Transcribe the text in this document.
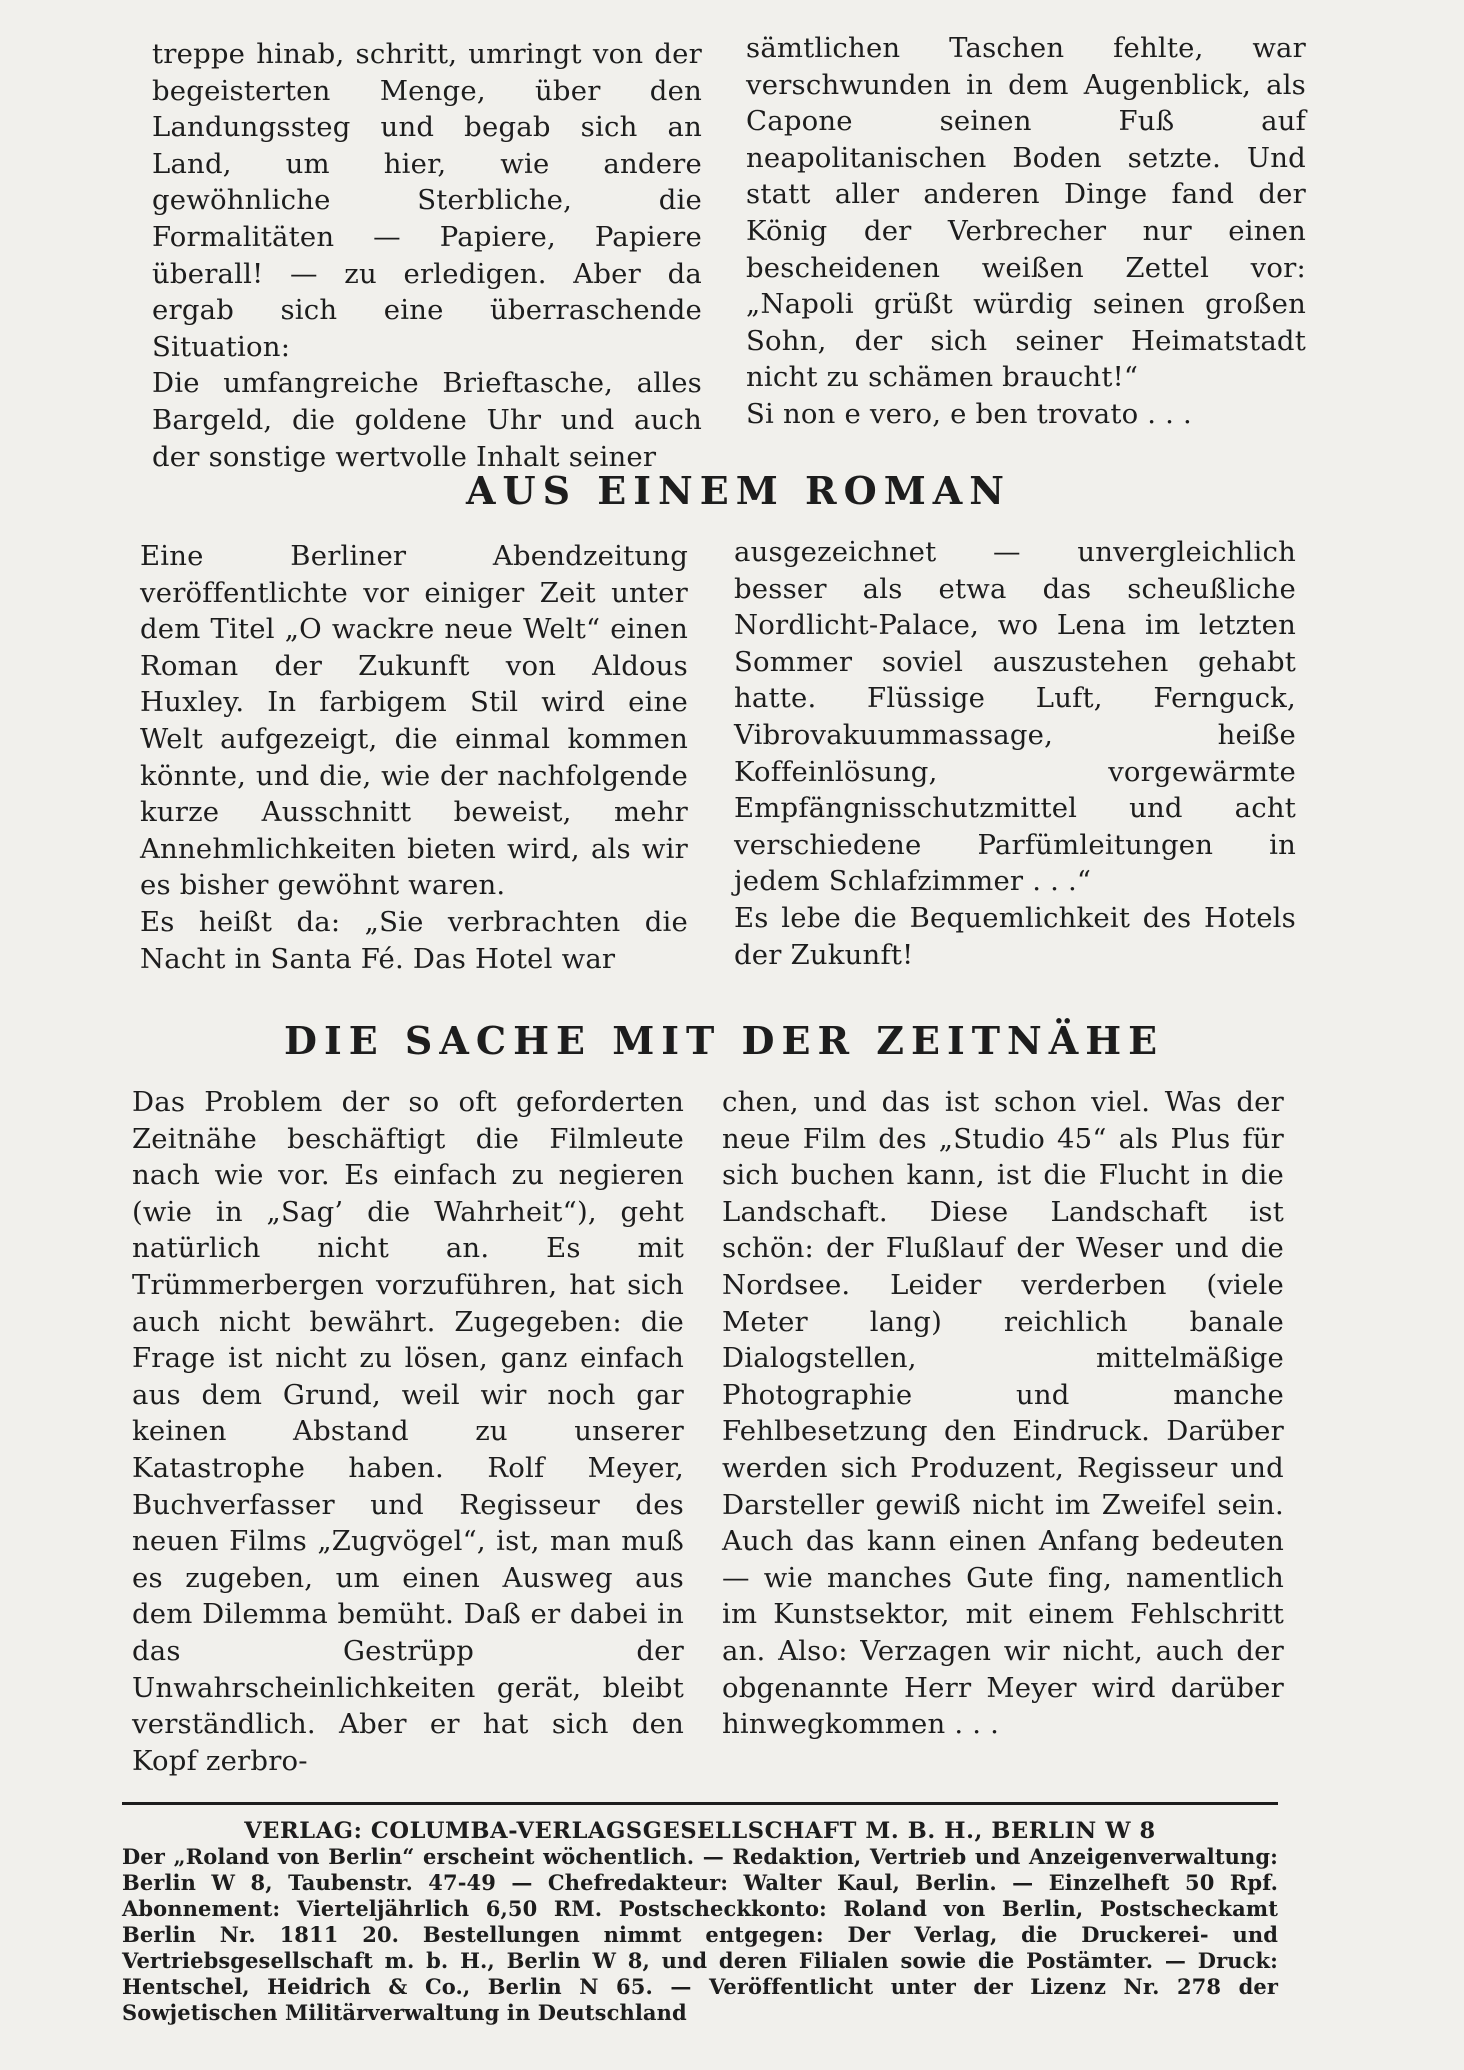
treppe hinab, schritt, umringt von der begeisterten Menge, über den Landungssteg und begab sich an Land, um hier, wie andere gewöhnliche Sterbliche, die Formalitäten — Papiere, Papiere überall! — zu erledigen. Aber da ergab sich eine überraschende Situation:

Die umfangreiche Brieftasche, alles Bargeld, die goldene Uhr und auch der sonstige wertvolle Inhalt seiner

sämtlichen Taschen fehlte, war verschwunden in dem Augenblick, als Capone seinen Fuß auf neapolitanischen Boden setzte. Und statt aller anderen Dinge fand der König der Verbrecher nur einen bescheidenen weißen Zettel vor: „Napoli grüßt würdig seinen großen Sohn, der sich seiner Heimatstadt nicht zu schämen braucht!“

Si non e vero, e ben trovato . . .

AUS EINEM ROMAN

Eine Berliner Abendzeitung veröffentlichte vor einiger Zeit unter dem Titel „O wackre neue Welt“ einen Roman der Zukunft von Aldous Huxley. In farbigem Stil wird eine Welt aufgezeigt, die einmal kommen könnte, und die, wie der nachfolgende kurze Ausschnitt beweist, mehr Annehmlichkeiten bieten wird, als wir es bisher gewöhnt waren.

Es heißt da: „Sie verbrachten die Nacht in Santa Fé. Das Hotel war

ausgezeichnet — unvergleichlich besser als etwa das scheußliche Nordlicht-Palace, wo Lena im letzten Sommer soviel auszustehen gehabt hatte. Flüssige Luft, Fernguck, Vibrovakuummassage, heiße Koffeinlösung, vorgewärmte Empfängnisschutzmittel und acht verschiedene Parfümleitungen in jedem Schlafzimmer . . .“

Es lebe die Bequemlichkeit des Hotels der Zukunft!

DIE SACHE MIT DER ZEITNÄHE

Das Problem der so oft geforderten Zeitnähe beschäftigt die Filmleute nach wie vor. Es einfach zu negieren (wie in „Sag’ die Wahrheit“), geht natürlich nicht an. Es mit Trümmerbergen vorzuführen, hat sich auch nicht bewährt. Zugegeben: die Frage ist nicht zu lösen, ganz einfach aus dem Grund, weil wir noch gar keinen Abstand zu unserer Katastrophe haben. Rolf Meyer, Buchverfasser und Regisseur des neuen Films „Zugvögel“, ist, man muß es zugeben, um einen Ausweg aus dem Dilemma bemüht. Daß er dabei in das Gestrüpp der Unwahrscheinlichkeiten gerät, bleibt verständlich. Aber er hat sich den Kopf zerbro-

chen, und das ist schon viel. Was der neue Film des „Studio 45“ als Plus für sich buchen kann, ist die Flucht in die Landschaft. Diese Landschaft ist schön: der Flußlauf der Weser und die Nordsee. Leider verderben (viele Meter lang) reichlich banale Dialogstellen, mittelmäßige Photographie und manche Fehlbesetzung den Eindruck. Darüber werden sich Produzent, Regisseur und Darsteller gewiß nicht im Zweifel sein. Auch das kann einen Anfang bedeuten — wie manches Gute fing, namentlich im Kunstsektor, mit einem Fehlschritt an. Also: Verzagen wir nicht, auch der obgenannte Herr Meyer wird darüber hinwegkommen . . .

VERLAG: COLUMBA-VERLAGSGESELLSCHAFT M. B. H., BERLIN W 8
Der „Roland von Berlin“ erscheint wöchentlich. — Redaktion, Vertrieb und Anzeigenverwaltung: Berlin W 8, Taubenstr. 47-49 — Chefredakteur: Walter Kaul, Berlin. — Einzelheft 50 Rpf. Abonnement: Vierteljährlich 6,50 RM. Postscheckkonto: Roland von Berlin, Postscheckamt Berlin Nr. 1811 20. Bestellungen nimmt entgegen: Der Verlag, die Druckerei- und Vertriebsgesellschaft m. b. H., Berlin W 8, und deren Filialen sowie die Postämter. — Druck: Hentschel, Heidrich & Co., Berlin N 65. — Veröffentlicht unter der Lizenz Nr. 278 der Sowjetischen Militärverwaltung in Deutschland
